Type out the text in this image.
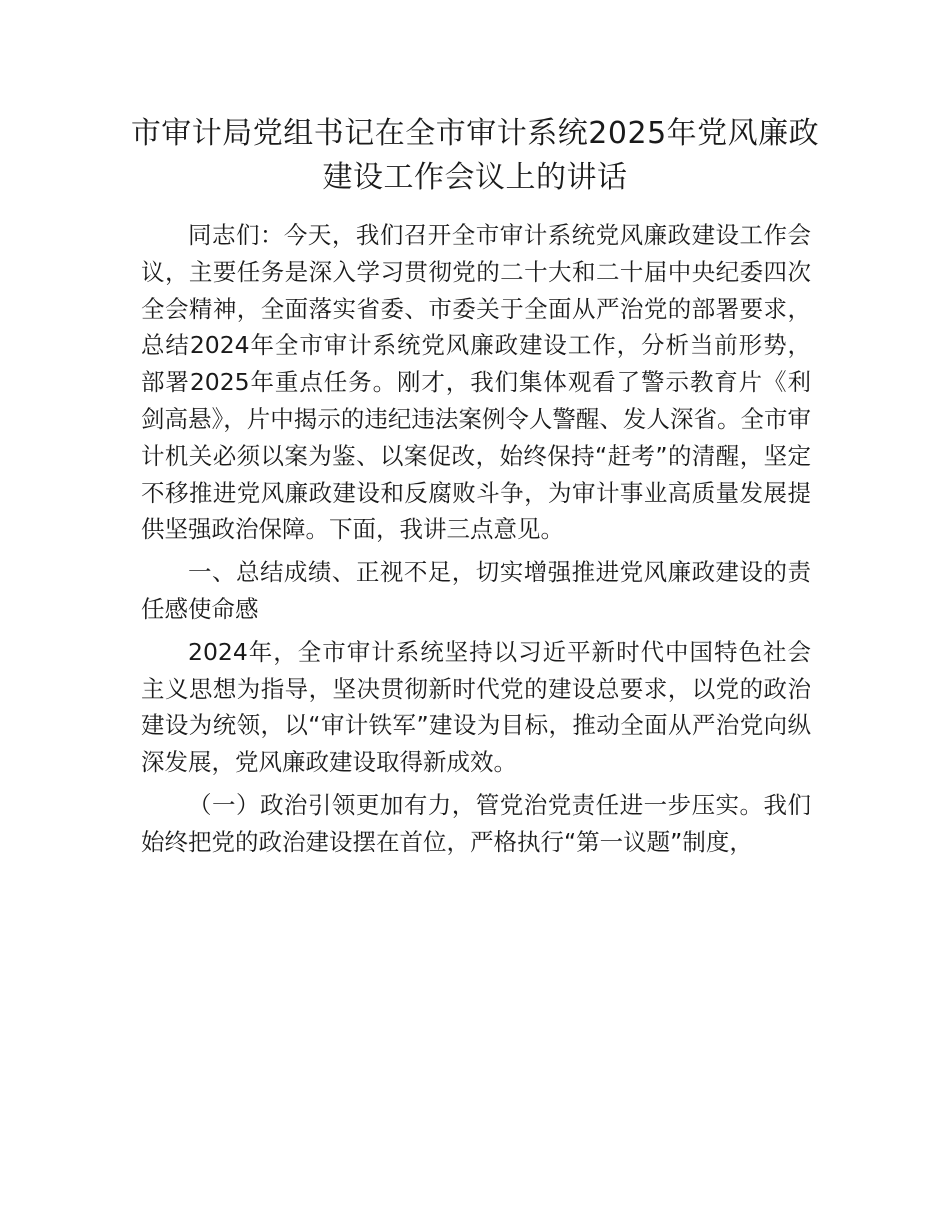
市审计局党组书记在全市审计系统2025年党风廉政建设工作会议上的讲话

同志们：今天，我们召开全市审计系统党风廉政建设工作会议，主要任务是深入学习贯彻党的二十大和二十届中央纪委四次全会精神，全面落实省委、市委关于全面从严治党的部署要求，总结2024年全市审计系统党风廉政建设工作，分析当前形势，部署2025年重点任务。刚才，我们集体观看了警示教育片《利剑高悬》，片中揭示的违纪违法案例令人警醒、发人深省。全市审计机关必须以案为鉴、以案促改，始终保持“赶考”的清醒，坚定不移推进党风廉政建设和反腐败斗争，为审计事业高质量发展提供坚强政治保障。下面，我讲三点意见。

一、总结成绩、正视不足，切实增强推进党风廉政建设的责任感使命感

2024年，全市审计系统坚持以习近平新时代中国特色社会主义思想为指导，坚决贯彻新时代党的建设总要求，以党的政治建设为统领，以“审计铁军”建设为目标，推动全面从严治党向纵深发展，党风廉政建设取得新成效。

（一）政治引领更加有力，管党治党责任进一步压实。我们始终把党的政治建设摆在首位，严格执行“第一议题”制度，
